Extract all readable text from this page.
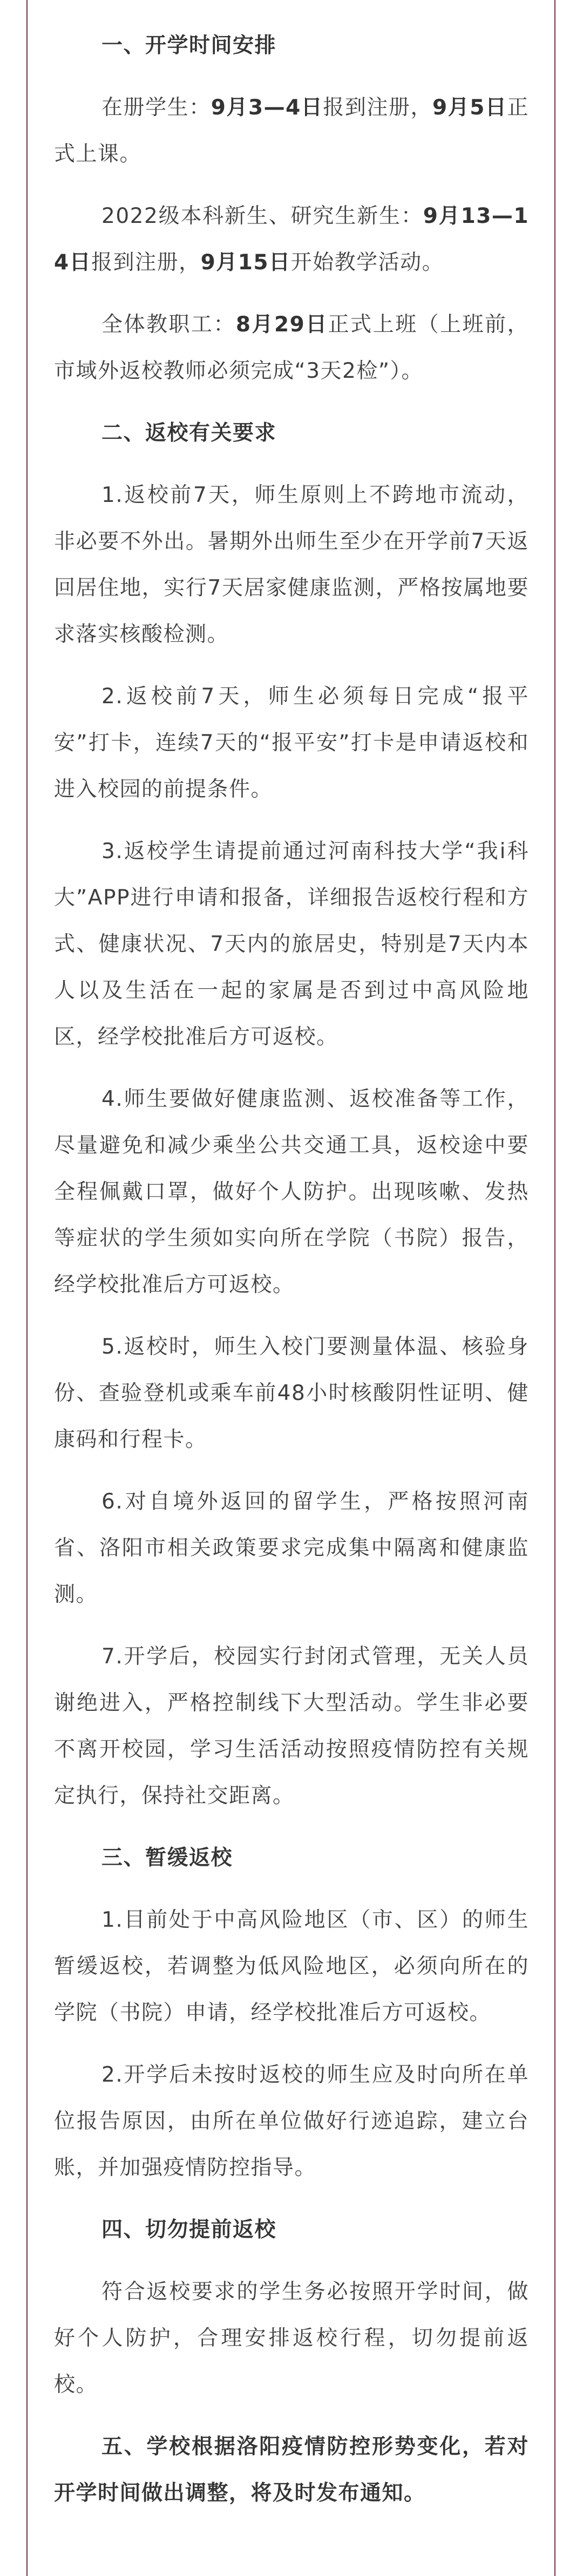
一、开学时间安排

在册学生：9月3—4日报到注册，9月5日正式上课。

2022级本科新生、研究生新生：9月13—14日报到注册，9月15日开始教学活动。

全体教职工：8月29日正式上班（上班前，市域外返校教师必须完成“3天2检”）。

二、返校有关要求

1.返校前7天，师生原则上不跨地市流动，非必要不外出。暑期外出师生至少在开学前7天返回居住地，实行7天居家健康监测，严格按属地要求落实核酸检测。

2.返校前7天，师生必须每日完成“报平安”打卡，连续7天的“报平安”打卡是申请返校和进入校园的前提条件。

3.返校学生请提前通过河南科技大学“我i科大”APP进行申请和报备，详细报告返校行程和方式、健康状况、7天内的旅居史，特别是7天内本人以及生活在一起的家属是否到过中高风险地区，经学校批准后方可返校。

4.师生要做好健康监测、返校准备等工作，尽量避免和减少乘坐公共交通工具，返校途中要全程佩戴口罩，做好个人防护。出现咳嗽、发热等症状的学生须如实向所在学院（书院）报告，经学校批准后方可返校。

5.返校时，师生入校门要测量体温、核验身份、查验登机或乘车前48小时核酸阴性证明、健康码和行程卡。

6.对自境外返回的留学生，严格按照河南省、洛阳市相关政策要求完成集中隔离和健康监测。

7.开学后，校园实行封闭式管理，无关人员谢绝进入，严格控制线下大型活动。学生非必要不离开校园，学习生活活动按照疫情防控有关规定执行，保持社交距离。

三、暂缓返校

1.目前处于中高风险地区（市、区）的师生暂缓返校，若调整为低风险地区，必须向所在的学院（书院）申请，经学校批准后方可返校。

2.开学后未按时返校的师生应及时向所在单位报告原因，由所在单位做好行迹追踪，建立台账，并加强疫情防控指导。

四、切勿提前返校

符合返校要求的学生务必按照开学时间，做好个人防护，合理安排返校行程，切勿提前返校。

五、学校根据洛阳疫情防控形势变化，若对开学时间做出调整，将及时发布通知。
